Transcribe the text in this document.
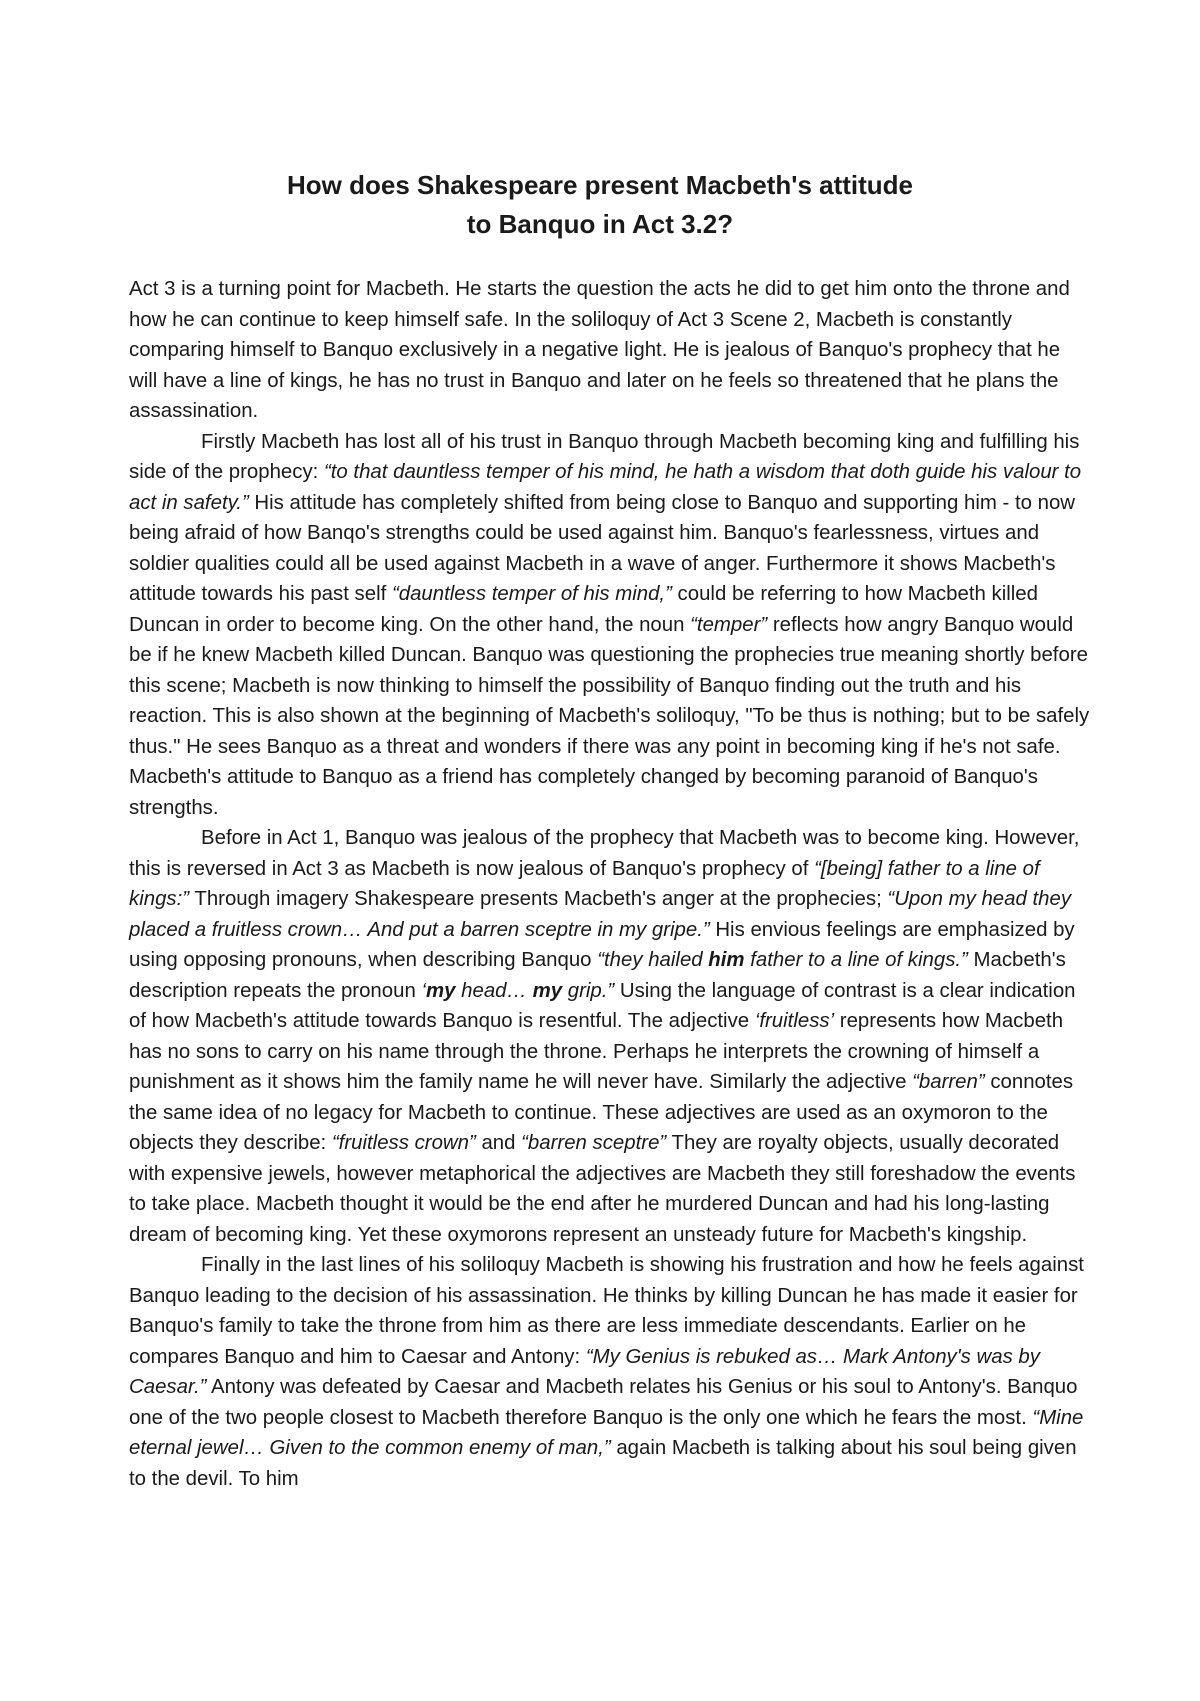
How does Shakespeare present Macbeth's attitude
to Banquo in Act 3.2?

Act 3 is a turning point for Macbeth. He starts the question the acts he did to get him onto the throne and how he can continue to keep himself safe. In the soliloquy of Act 3 Scene 2, Macbeth is constantly comparing himself to Banquo exclusively in a negative light. He is jealous of Banquo's prophecy that he will have a line of kings, he has no trust in Banquo and later on he feels so threatened that he plans the assassination.

Firstly Macbeth has lost all of his trust in Banquo through Macbeth becoming king and fulfilling his side of the prophecy: “to that dauntless temper of his mind, he hath a wisdom that doth guide his valour to act in safety.” His attitude has completely shifted from being close to Banquo and supporting him - to now being afraid of how Banqo's strengths could be used against him. Banquo's fearlessness, virtues and soldier qualities could all be used against Macbeth in a wave of anger. Furthermore it shows Macbeth's attitude towards his past self “dauntless temper of his mind,” could be referring to how Macbeth killed Duncan in order to become king. On the other hand, the noun “temper” reflects how angry Banquo would be if he knew Macbeth killed Duncan. Banquo was questioning the prophecies true meaning shortly before this scene; Macbeth is now thinking to himself the possibility of Banquo finding out the truth and his reaction. This is also shown at the beginning of Macbeth's soliloquy, "To be thus is nothing; but to be safely thus." He sees Banquo as a threat and wonders if there was any point in becoming king if he's not safe. Macbeth's attitude to Banquo as a friend has completely changed by becoming paranoid of Banquo's strengths.

Before in Act 1, Banquo was jealous of the prophecy that Macbeth was to become king. However, this is reversed in Act 3 as Macbeth is now jealous of Banquo's prophecy of “[being] father to a line of kings:” Through imagery Shakespeare presents Macbeth's anger at the prophecies; “Upon my head they placed a fruitless crown… And put a barren sceptre in my gripe.” His envious feelings are emphasized by using opposing pronouns, when describing Banquo “they hailed him father to a line of kings.” Macbeth's description repeats the pronoun ‘my head… my grip.” Using the language of contrast is a clear indication of how Macbeth's attitude towards Banquo is resentful. The adjective ‘fruitless’ represents how Macbeth has no sons to carry on his name through the throne. Perhaps he interprets the crowning of himself a punishment as it shows him the family name he will never have. Similarly the adjective “barren” connotes the same idea of no legacy for Macbeth to continue. These adjectives are used as an oxymoron to the objects they describe: “fruitless crown” and “barren sceptre” They are royalty objects, usually decorated with expensive jewels, however metaphorical the adjectives are Macbeth they still foreshadow the events to take place. Macbeth thought it would be the end after he murdered Duncan and had his long-lasting dream of becoming king. Yet these oxymorons represent an unsteady future for Macbeth's kingship.

Finally in the last lines of his soliloquy Macbeth is showing his frustration and how he feels against Banquo leading to the decision of his assassination. He thinks by killing Duncan he has made it easier for Banquo's family to take the throne from him as there are less immediate descendants. Earlier on he compares Banquo and him to Caesar and Antony: “My Genius is rebuked as… Mark Antony's was by Caesar.” Antony was defeated by Caesar and Macbeth relates his Genius or his soul to Antony's. Banquo one of the two people closest to Macbeth therefore Banquo is the only one which he fears the most. “Mine eternal jewel… Given to the common enemy of man,” again Macbeth is talking about his soul being given to the devil. To him
